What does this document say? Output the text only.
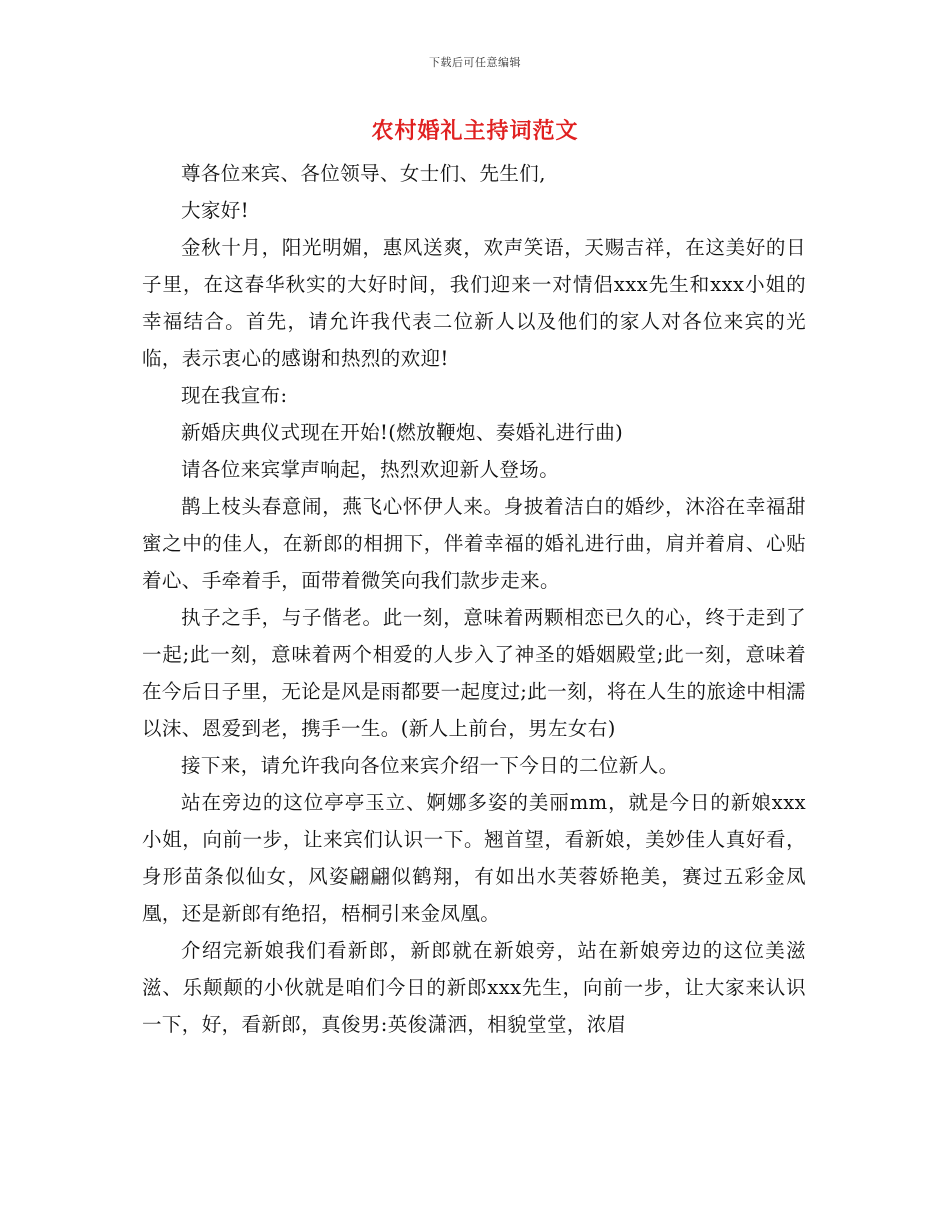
下载后可任意编辑
农村婚礼主持词范文

尊各位来宾、各位领导、女士们、先生们,

大家好!

金秋十月，阳光明媚，惠风送爽，欢声笑语，天赐吉祥，在这美好的日子里，在这春华秋实的大好时间，我们迎来一对情侣xxx先生和xxx小姐的幸福结合。首先，请允许我代表二位新人以及他们的家人对各位来宾的光临，表示衷心的感谢和热烈的欢迎!

现在我宣布:

新婚庆典仪式现在开始!(燃放鞭炮、奏婚礼进行曲)

请各位来宾掌声响起，热烈欢迎新人登场。

鹊上枝头春意闹，燕飞心怀伊人来。身披着洁白的婚纱，沐浴在幸福甜蜜之中的佳人，在新郎的相拥下，伴着幸福的婚礼进行曲，肩并着肩、心贴着心、手牵着手，面带着微笑向我们款步走来。

执子之手，与子偕老。此一刻，意味着两颗相恋已久的心，终于走到了一起;此一刻，意味着两个相爱的人步入了神圣的婚姻殿堂;此一刻，意味着在今后日子里，无论是风是雨都要一起度过;此一刻，将在人生的旅途中相濡以沫、恩爱到老，携手一生。(新人上前台，男左女右)

接下来，请允许我向各位来宾介绍一下今日的二位新人。

站在旁边的这位亭亭玉立、婀娜多姿的美丽mm，就是今日的新娘xxx小姐，向前一步，让来宾们认识一下。翘首望，看新娘，美妙佳人真好看，身形苗条似仙女，风姿翩翩似鹤翔，有如出水芙蓉娇艳美，赛过五彩金凤凰，还是新郎有绝招，梧桐引来金凤凰。

介绍完新娘我们看新郎，新郎就在新娘旁，站在新娘旁边的这位美滋滋、乐颠颠的小伙就是咱们今日的新郎xxx先生，向前一步，让大家来认识一下，好，看新郎，真俊男:英俊潇洒，相貌堂堂，浓眉
